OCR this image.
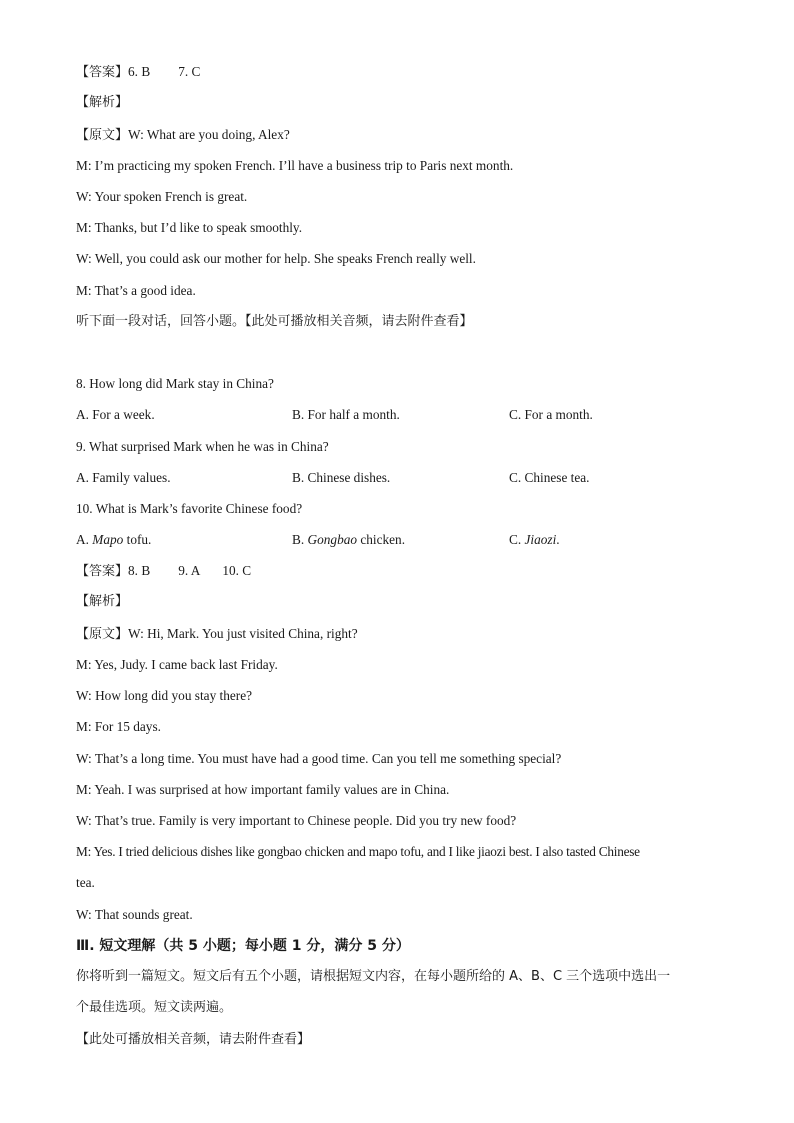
【答案】6. B 7. C
【解析】
【原文】W: What are you doing, Alex?
M: I’m practicing my spoken French. I’ll have a business trip to Paris next month.
W: Your spoken French is great.
M: Thanks, but I’d like to speak smoothly.
W: Well, you could ask our mother for help. She speaks French really well.
M: That’s a good idea.
听下面一段对话，回答小题。【此处可播放相关音频，请去附件查看】
8. How long did Mark stay in China?
A. For a week.	B. For half a month.	C. For a month.
9. What surprised Mark when he was in China?
A. Family values.	B. Chinese dishes.	C. Chinese tea.
10. What is Mark’s favorite Chinese food?
A. Mapo tofu.	B. Gongbao chicken.	C. Jiaozi.
【答案】8. B 9. A 10. C
【解析】
【原文】W: Hi, Mark. You just visited China, right?
M: Yes, Judy. I came back last Friday.
W: How long did you stay there?
M: For 15 days.
W: That’s a long time. You must have had a good time. Can you tell me something special?
M: Yeah. I was surprised at how important family values are in China.
W: That’s true. Family is very important to Chinese people. Did you try new food?
M: Yes. I tried delicious dishes like gongbao chicken and mapo tofu, and I like jiaozi best. I also tasted Chinese
tea.
W: That sounds great.
Ⅲ. 短文理解（共 5 小题；每小题 1 分，满分 5 分）
你将听到一篇短文。短文后有五个小题，请根据短文内容，在每小题所给的 A、B、C 三个选项中选出一
个最佳选项。短文读两遍。
【此处可播放相关音频，请去附件查看】
